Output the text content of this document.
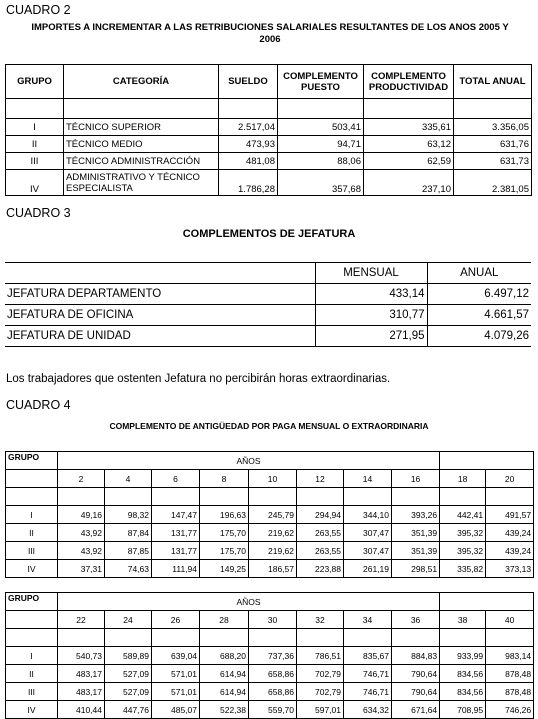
CUADRO 2
IMPORTES A INCREMENTAR A LAS RETRIBUCIONES SALARIALES RESULTANTES DE LOS ANOS 2005 Y 2006
GRUPO	CATEGORÍA	SUELDO	COMPLEMENTO PUESTO	COMPLEMENTO PRODUCTIVIDAD	TOTAL ANUAL

I	TÉCNICO SUPERIOR	2.517,04	503,41	335,61	3.356,05
II	TÉCNICO MEDIO	473,93	94,71	63,12	631,76
III	TÉCNICO ADMINISTRACCIÓN	481,08	88,06	62,59	631,73
IV	ADMINISTRATIVO Y TÉCNICO ESPECIALISTA	1.786,28	357,68	237,10	2.381,05
CUADRO 3
COMPLEMENTOS DE JEFATURA
	MENSUAL	ANUAL
JEFATURA DEPARTAMENTO	433,14	6.497,12
JEFATURA DE OFICINA	310,77	4.661,57
JEFATURA DE UNIDAD	271,95	4.079,26
Los trabajadores que ostenten Jefatura no percibirán horas extraordinarias.
CUADRO 4
COMPLEMENTO DE ANTIGÜEDAD POR PAGA MENSUAL O EXTRAORDINARIA
GRUPO	AÑOS									
	2	4	6	8	10	12	14	16	18	20

I	49,16	98,32	147,47	196,63	245,79	294,94	344,10	393,26	442,41	491,57
II	43,92	87,84	131,77	175,70	219,62	263,55	307,47	351,39	395,32	439,24
III	43,92	87,85	131,77	175,70	219,62	263,55	307,47	351,39	395,32	439,24
IV	37,31	74,63	111,94	149,25	186,57	223,88	261,19	298,51	335,82	373,13
GRUPO	AÑOS									
	22	24	26	28	30	32	34	36	38	40

I	540,73	589,89	639,04	688,20	737,36	786,51	835,67	884,83	933,99	983,14
II	483,17	527,09	571,01	614,94	658,86	702,79	746,71	790,64	834,56	878,48
III	483,17	527,09	571,01	614,94	658,86	702,79	746,71	790,64	834,56	878,48
IV	410,44	447,76	485,07	522,38	559,70	597,01	634,32	671,64	708,95	746,26
